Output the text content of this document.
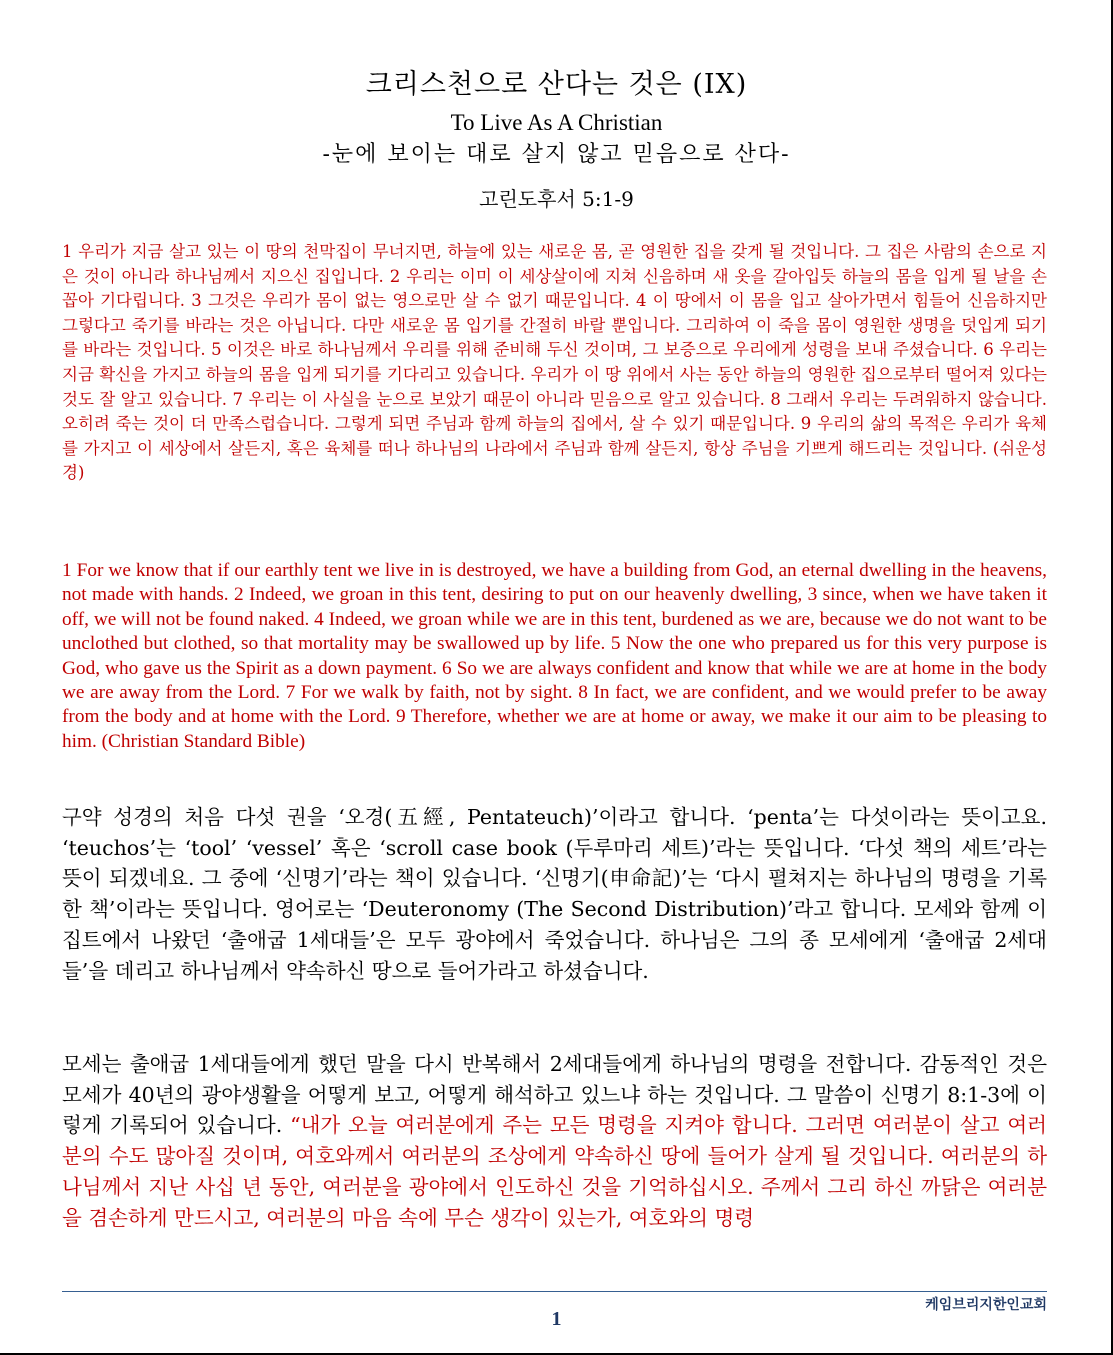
크리스천으로 산다는 것은 (IX)
To Live As A Christian
-눈에 보이는 대로 살지 않고 믿음으로 산다-
고린도후서 5:1-9

1 우리가 지금 살고 있는 이 땅의 천막집이 무너지면, 하늘에 있는 새로운 몸, 곧 영원한 집을 갖게 될 것입니다. 그 집은 사람의 손으로 지은 것이 아니라 하나님께서 지으신 집입니다. 2 우리는 이미 이 세상살이에 지쳐 신음하며 새 옷을 갈아입듯 하늘의 몸을 입게 될 날을 손꼽아 기다립니다. 3 그것은 우리가 몸이 없는 영으로만 살 수 없기 때문입니다. 4 이 땅에서 이 몸을 입고 살아가면서 힘들어 신음하지만 그렇다고 죽기를 바라는 것은 아닙니다. 다만 새로운 몸 입기를 간절히 바랄 뿐입니다. 그리하여 이 죽을 몸이 영원한 생명을 덧입게 되기를 바라는 것입니다. 5 이것은 바로 하나님께서 우리를 위해 준비해 두신 것이며, 그 보증으로 우리에게 성령을 보내 주셨습니다. 6 우리는 지금 확신을 가지고 하늘의 몸을 입게 되기를 기다리고 있습니다. 우리가 이 땅 위에서 사는 동안 하늘의 영원한 집으로부터 떨어져 있다는 것도 잘 알고 있습니다. 7 우리는 이 사실을 눈으로 보았기 때문이 아니라 믿음으로 알고 있습니다. 8 그래서 우리는 두려워하지 않습니다. 오히려 죽는 것이 더 만족스럽습니다. 그렇게 되면 주님과 함께 하늘의 집에서, 살 수 있기 때문입니다. 9 우리의 삶의 목적은 우리가 육체를 가지고 이 세상에서 살든지, 혹은 육체를 떠나 하나님의 나라에서 주님과 함께 살든지, 항상 주님을 기쁘게 해드리는 것입니다. (쉬운성경)

1 For we know that if our earthly tent we live in is destroyed, we have a building from God, an eternal dwelling in the heavens, not made with hands. 2 Indeed, we groan in this tent, desiring to put on our heavenly dwelling, 3 since, when we have taken it off, we will not be found naked. 4 Indeed, we groan while we are in this tent, burdened as we are, because we do not want to be unclothed but clothed, so that mortality may be swallowed up by life. 5 Now the one who prepared us for this very purpose is God, who gave us the Spirit as a down payment. 6 So we are always confident and know that while we are at home in the body we are away from the Lord. 7 For we walk by faith, not by sight. 8 In fact, we are confident, and we would prefer to be away from the body and at home with the Lord. 9 Therefore, whether we are at home or away, we make it our aim to be pleasing to him. (Christian Standard Bible)

구약 성경의 처음 다섯 권을 ‘오경(五經, Pentateuch)’이라고 합니다. ‘penta’는 다섯이라는 뜻이고요. ‘teuchos’는 ‘tool’ ‘vessel’ 혹은 ‘scroll case book (두루마리 세트)’라는 뜻입니다. ‘다섯 책의 세트’라는 뜻이 되겠네요. 그 중에 ‘신명기’라는 책이 있습니다. ‘신명기(申命記)’는 ‘다시 펼쳐지는 하나님의 명령을 기록한 책’이라는 뜻입니다. 영어로는 ‘Deuteronomy (The Second Distribution)’라고 합니다. 모세와 함께 이집트에서 나왔던 ‘출애굽 1세대들’은 모두 광야에서 죽었습니다. 하나님은 그의 종 모세에게 ‘출애굽 2세대들’을 데리고 하나님께서 약속하신 땅으로 들어가라고 하셨습니다.

모세는 출애굽 1세대들에게 했던 말을 다시 반복해서 2세대들에게 하나님의 명령을 전합니다. 감동적인 것은 모세가 40년의 광야생활을 어떻게 보고, 어떻게 해석하고 있느냐 하는 것입니다. 그 말씀이 신명기 8:1-3에 이렇게 기록되어 있습니다. “내가 오늘 여러분에게 주는 모든 명령을 지켜야 합니다. 그러면 여러분이 살고 여러분의 수도 많아질 것이며, 여호와께서 여러분의 조상에게 약속하신 땅에 들어가 살게 될 것입니다. 여러분의 하나님께서 지난 사십 년 동안, 여러분을 광야에서 인도하신 것을 기억하십시오. 주께서 그리 하신 까닭은 여러분을 겸손하게 만드시고, 여러분의 마음 속에 무슨 생각이 있는가, 여호와의 명령

케임브리지한인교회
1
